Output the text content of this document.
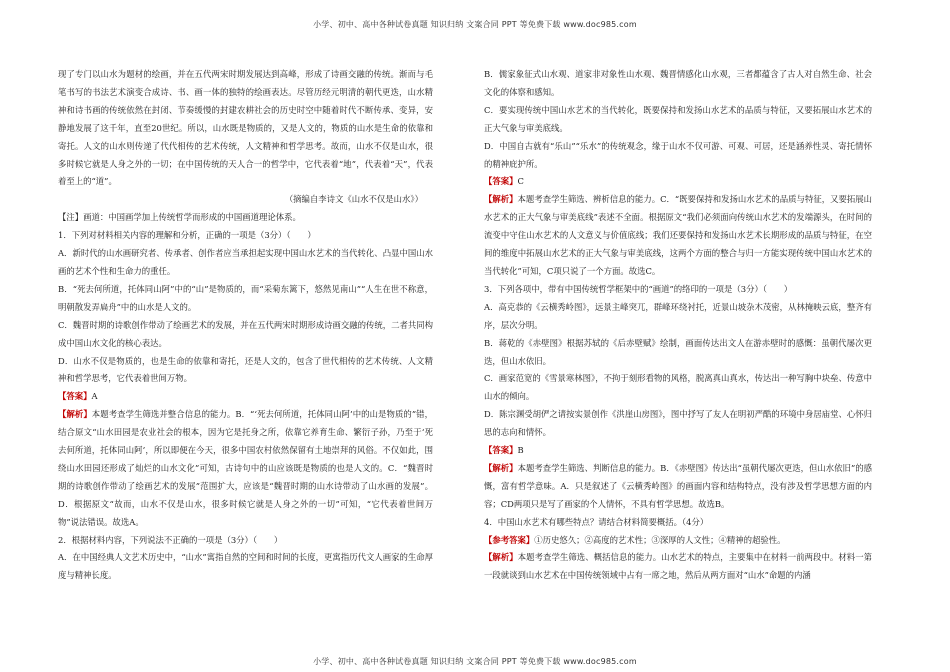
小学、初中、高中各种试卷真题 知识归纳 文案合同 PPT 等免费下载 www.doc985.com

现了专门以山水为题材的绘画，并在五代两宋时期发展达到高峰，形成了诗画交融的传统。渐而与毛笔书写的书法艺术演变合成诗、书、画一体的独特的绘画表达。尽管历经元明清的朝代更迭，山水精神和诗书画的传统依然在封闭、节奏缓慢的封建农耕社会的历史时空中随着时代不断传承、变异，安静地发展了这千年，直至20世纪。所以，山水既是物质的，又是人文的，物质的山水是生命的依靠和寄托。人文的山水则传递了代代相传的艺术传统，人文精神和哲学思考。故而，山水不仅是山水，很多时候它就是人身之外的一切；在中国传统的天人合一的哲学中，它代表着“地”，代表着“天”，代表着至上的“道”。

（摘编自李诗文《山水不仅是山水》）

【注】画道：中国画学加上传统哲学而形成的中国画道理论体系。

1．下列对材料相关内容的理解和分析，正确的一项是（3分）（　　）

A．新时代的山水画研究者、传承者、创作者应当承担起实现中国山水艺术的当代转化、凸显中国山水画的艺术个性和生命力的重任。

B．“死去何所道，托体同山阿”中的“山”是物质的，而“采菊东篱下，悠然见南山”“人生在世不称意，明朝散发弄扁舟”中的山水是人文的。

C．魏晋时期的诗歌创作带动了绘画艺术的发展，并在五代两宋时期形成诗画交融的传统，二者共同构成中国山水文化的核心表达。

D．山水不仅是物质的，也是生命的依靠和寄托，还是人文的，包含了世代相传的艺术传统、人文精神和哲学思考，它代表着世间万物。

【答案】A

【解析】本题考查学生筛选并整合信息的能力。B．“‘死去何所道，托体同山阿’中的山是物质的”错，结合原文“山水田园是农业社会的根本，因为它是托身之所，依靠它养育生命、繁衍子孙，乃至于‘死去何所道，托体同山阿’，所以即便在今天，很多中国农村依然保留有土地崇拜的风俗。不仅如此，围绕山水田园还形成了灿烂的山水文化”可知，古诗句中的山应该既是物质的也是人文的。C．“魏晋时期的诗歌创作带动了绘画艺术的发展”范围扩大，应该是“魏晋时期的山水诗带动了山水画的发展”。D．根据原文“故而，山水不仅是山水，很多时候它就是人身之外的一切”可知，“它代表着世间万物”说法错误。故选A。

2．根据材料内容，下列说法不正确的一项是（3分）（　　）

A．在中国经典人文艺术历史中，“山水”寓指自然的空间和时间的长度，更寓指历代文人画家的生命厚度与精神长度。

B．儒家象征式山水观、道家非对象性山水观、魏晋情感化山水观，三者都蕴含了古人对自然生命、社会文化的体察和感知。

C．要实现传统中国山水艺术的当代转化，既要保持和发扬山水艺术的品质与特征，又要拓展山水艺术的正大气象与审美底线。

D．中国自古就有“乐山”“乐水”的传统观念，缘于山水不仅可游、可观、可居，还是涵养性灵、寄托情怀的精神庇护所。

【答案】C

【解析】本题考查学生筛选、辨析信息的能力。C．“既要保持和发扬山水艺术的品质与特征，又要拓展山水艺术的正大气象与审美底线”表述不全面。根据原文“我们必须面向传统山水艺术的发端源头，在时间的流变中守住山水艺术的人文意义与价值底线；我们还要保持和发扬山水艺术长期形成的品质与特征，在空间的维度中拓展山水艺术的正大气象与审美底线，这两个方面的整合与归一方能实现传统中国山水艺术的当代转化”可知，C项只说了一个方面。故选C。

3．下列各项中，带有中国传统哲学框架中的“画道”的络印的一项是（3分）（　　）

A．高克恭的《云横秀岭图》，远景主峰突兀，群峰环绕衬托，近景山坡杂木茂密，从林掩映云底，整齐有序，层次分明。

B．蒋乾的《赤壁图》根据苏轼的《后赤壁赋》绘制，画面传达出文人在游赤壁时的感慨：虽朝代屡次更迭，但山水依旧。

C．画家范宽的《雪景寒林图》，不拘于刻形看物的风格，脱离真山真水，传达出一种写胸中块垒、传意中山水的倾向。

D．陈宗渊受胡俨之请按实景创作《洪崖山房图》，图中抒写了友人在明初严酷的环境中身居庙堂、心怀归思的志向和情怀。

【答案】B

【解析】本题考查学生筛选、判断信息的能力。B．《赤壁图》传达出“虽朝代屡次更迭，但山水依旧”的感慨，富有哲学意味。A．只是叙述了《云横秀岭图》的画面内容和结构特点，没有涉及哲学思想方面的内容；CD两项只是写了画家的个人情怀，不具有哲学思想。故选B。

4．中国山水艺术有哪些特点？请结合材料简要概括。（4分）

【参考答案】①历史悠久；②高度的艺术性；③深厚的人文性；④精神的超验性。

【解析】本题考查学生筛选、概括信息的能力。山水艺术的特点，主要集中在材料一前两段中。材料一第一段就谈到山水艺术在中国传统领域中占有一席之地，然后从两方面对“山水”命题的内涵

小学、初中、高中各种试卷真题 知识归纳 文案合同 PPT 等免费下载 www.doc985.com
